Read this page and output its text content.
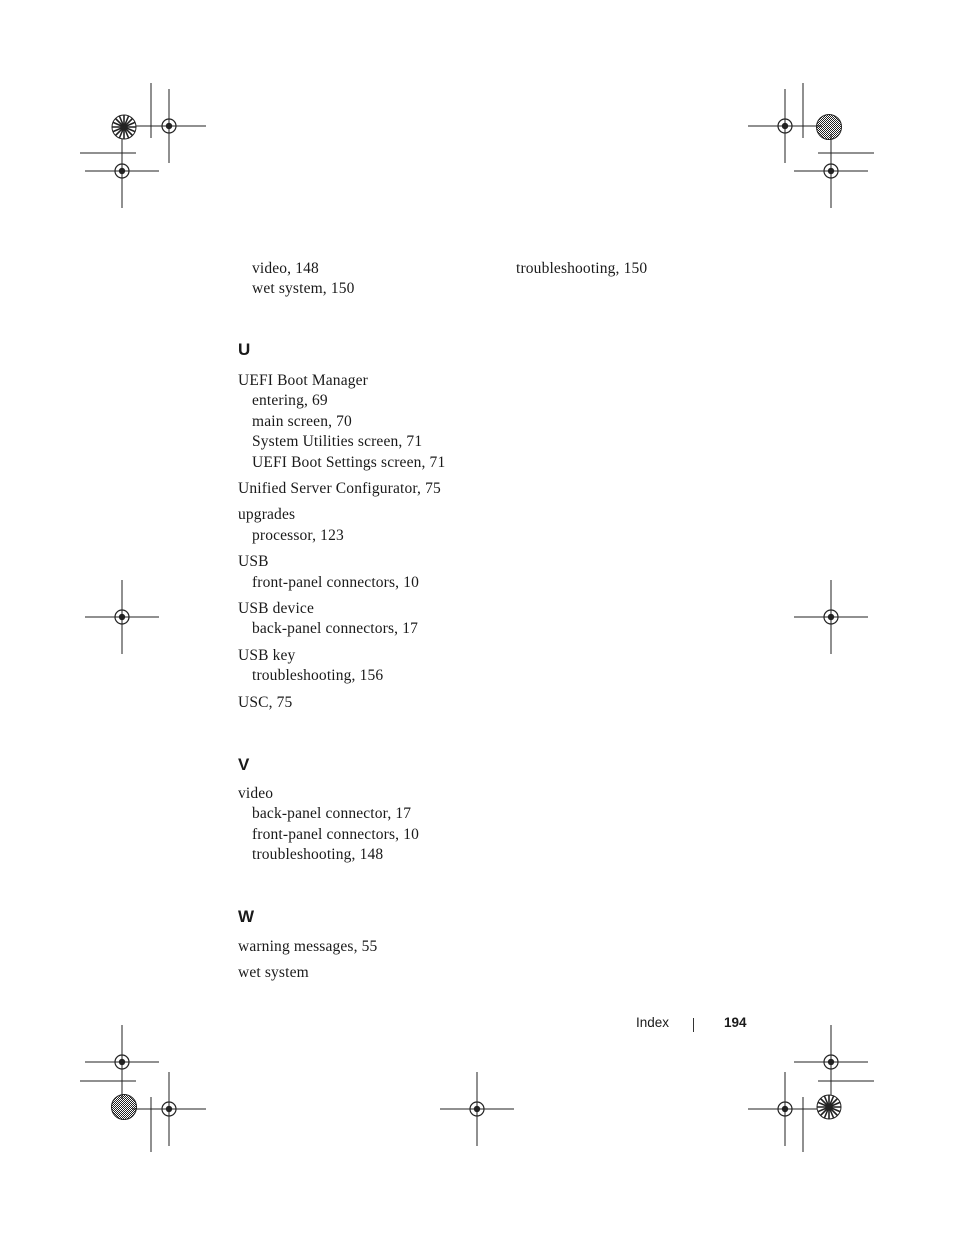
video, 148
wet system, 150
troubleshooting, 150
U
UEFI Boot Manager
entering, 69
main screen, 70
System Utilities screen, 71
UEFI Boot Settings screen, 71
Unified Server Configurator, 75
upgrades
processor, 123
USB
front-panel connectors, 10
USB device
back-panel connectors, 17
USB key
troubleshooting, 156
USC, 75
V
video
back-panel connector, 17
front-panel connectors, 10
troubleshooting, 148
W
warning messages, 55
wet system
Index	194
